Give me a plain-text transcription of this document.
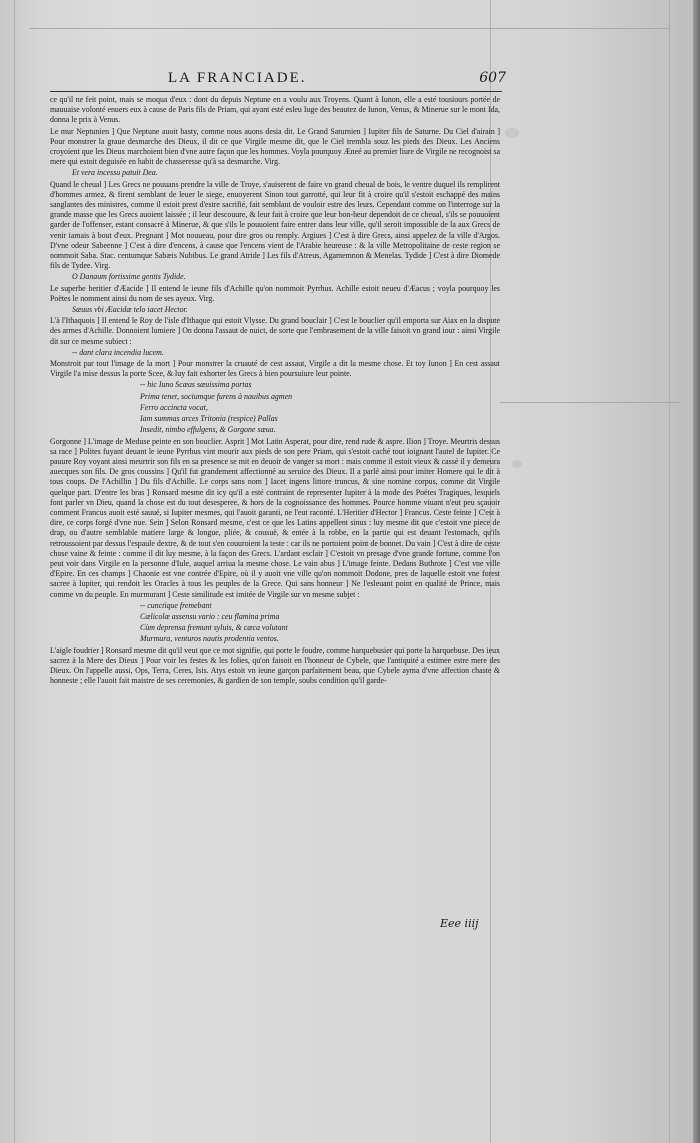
LA FRANCIADE.	607

ce qu'il ne feit point, mais se moqua d'eux : dont du depuis Neptune en a voulu aux Troyens. Quant à Iunon, elle a esté tousiours portée de mauuaise volonté enuers eux à cause de Paris fils de Priam, qui ayant esté esleu Iuge des beautez de Iunon, Venus, & Minerue sur le mont Ida, donna le prix à Venus.

Le mur Neptunien ] Que Neptune auoit basty, comme nous auons desia dit. Le Grand Saturnien ] Iupiter fils de Saturne. Du Ciel d'airain ] Pour monstrer la graue desmarche des Dieux, il dit ce que Virgile mesme dit, que le Ciel trembla souz les pieds des Dieux. Les Anciens croyoient que les Dieux marchoient bien d'vne autre façon que les hommes. Voyla pourquoy Æneé au premier liure de Virgile ne recognoist sa mere qui estoit deguisée en habit de chasseresse qu'à sa desmarche. Virg.

Et vera incessu patuit Dea.

Quand le cheual ] Les Grecs ne pouuans prendre la ville de Troye, s'auiserent de faire vn grand cheual de bois, le ventre duquel ils remplirent d'hommes armez, & firent semblant de leuer le siege, enuoyerent Sinon tout garrotté, qui leur fit à croire qu'il s'estoit eschappé des mains sanglantes des ministres, comme il estoit prest d'estre sacrifié, fait semblant de vouloir estre des leurs. Cependant comme on l'interroge sur la grande masse que les Grecs auoient laissée ; il leur descouure, & leur fait à croire que leur bon-heur dependoit de ce cheual, s'ils se pouuoient garder de l'offenser, estant consacré à Minerue, & que s'ils le pouuoient faire entrer dans leur ville, qu'il seroit impossible de la aux Grecs de venir iamais à bout d'eux. Pregnant ] Mot nouueau, pour dire gros ou remply. Argiues ] C'est à dire Grecs, ainsi appelez de la ville d'Argos. D'vne odeur Sabeenne ] C'est à dire d'encens, à cause que l'encens vient de l'Arabie heureuse : & la ville Metropolitaine de ceste region se nommoit Saba. Stac. centumque Sabæis Nubibus. Le grand Atride ] Les fils d'Atreus, Agamemnon & Menelas. Tydide ] C'est à dire Diomede fils de Tydee. Virg.

O Danaum fortissime gentis Tydide.

Le superbe heritier d'Æacide ] Il entend le ieune fils d'Achille qu'on nommoit Pyrrhus. Achille estoit neueu d'Æacus ; voyla pourquoy les Poëtes le nomment ainsi du nom de ses ayeux. Virg.

Sæuus vbi Æacidæ telo iacet Hector.

L'à l'Ithaquois ] Il entend le Roy de l'isle d'Ithaque qui estoit Vlysse. Du grand bouclair ] C'est le bouclier qu'il emporta sur Aiax en la dispute des armes d'Achille. Donnoient lumiere ] On donna l'assaut de nuict, de sorte que l'embrasement de la ville faisoit vn grand iour : ainsi Virgile dit sur ce mesme subiect :

-- dant clara incendia lucem.

Monstroit par tout l'image de la mort ] Pour monstrer la cruauté de cest assaut, Virgile a dit la mesme chose. Et toy Iunon ] En cest assaut Virgile l'a mise dessus la porte Scee, & luy fait exhorter les Grecs à bien poursuiure leur pointe.

-- hic Iuno Scæas sæuissima portas

Prima tenet, sociumque furens à nauibus agmen

Ferro accincta vocat,

Iam summas arces Tritonia (respice) Pallas

Insedit, nimbo effulgens, & Gorgone sæua.

Gorgonne ] L'image de Meduse peinte en son bouclier. Asprit ] Mot Latin Asperat, pour dire, rend rude & aspre. Ilion ] Troye. Meurtris dessus sa race ] Polites fuyant deuant le ieune Pyrrhus vint mourir aux pieds de son pere Priam, qui s'estoit caché tout ioignant l'autel de Iupiter. Ce pauure Roy voyant ainsi meurtrir son fils en sa presence se mit en deuoir de vanger sa mort : mais comme il estoit vieux & cassé il y demeura auecques son fils. De gros coussins ] Qu'il fut grandement affectionné au seruice des Dieux. Il a parlé ainsi pour imiter Homere qui le dit à tous coups. De l'Achillin ] Du fils d'Achille. Le corps sans nom ] Iacet ingens littore truncus, & sine nomine corpus, comme dit Virgile quelque part. D'entre les bras ] Ronsard mesme dit icy qu'il a esté contraint de representer Iupiter à la mode des Poëtes Tragiques, lesquels font parler vn Dieu, quand la chose est du tout desesperee, & hors de la cognoissance des hommes. Pource homme viuant n'eut peu sçauoir comment Francus auoit esté sauué, si Iupiter mesmes, qui l'auoit garanti, ne l'eut raconté. L'Heritier d'Hector ] Francus. Ceste feinte ] C'est à dire, ce corps forgé d'vne nue. Sein ] Selon Ronsard mesme, c'est ce que les Latins appellent sinus : luy mesme dit que c'estoit vne piece de drap, ou d'autre semblable matiere large & longue, pliée, & cousuë, & entée à la robbe, en la partie qui est deuant l'estomach, qu'ils retroussoient par dessus l'espaule dextre, & de tout s'en couuroient la teste : car ils ne portoient point de bonnet. Du vain ] C'est à dire de ceste chose vaine & feinte : comme il dit luy mesme, à la façon des Grecs. L'ardant esclair ] C'estoit vn presage d'vne grande fortune, comme l'on peut voir dans Virgile en la personne d'Iule, auquel arriua la mesme chose. Le vain abus ] L'image feinte. Dedans Buthrote ] C'est vne ville d'Epire. En ces champs ] Chaonie est vne contrée d'Epire, où il y auoit vne ville qu'on nommoit Dodone, pres de laquelle estoit vne forest sacree à Iupiter, qui rendoit les Oracles à tous les peuples de la Grece. Qui sans honneur ] Ne l'esleuant point en qualité de Prince, mais comme vn du peuple. En murmurant ] Ceste similitude est imitée de Virgile sur vn mesme subjet :

-- cunctique fremebant

Cælicolæ assensu vario : ceu flamina prima

Cùm deprensa fremunt syluis, & cæca volutant

Murmura, venturos nautis prodentia ventos.

L'aigle foudrier ] Ronsard mesme dit qu'il veut que ce mot signifie, qui porte le foudre, comme harquebusier qui porte la harquebuse. Des ieux sacrez à la Mere des Dieux ] Pour voir les festes & les folies, qu'on faisoit en l'honneur de Cybele, que l'antiquité a estimee estre mere des Dieux. On l'appelle aussi, Ops, Terra, Ceres, Isis. Atys estoit vn ieune garçon parfaitement beau, que Cybele ayma d'vne affection chaste & honneste ; elle l'auoit fait maistre de ses ceremonies, & gardien de son temple, soubs condition qu'il garde-

Eee iiij
